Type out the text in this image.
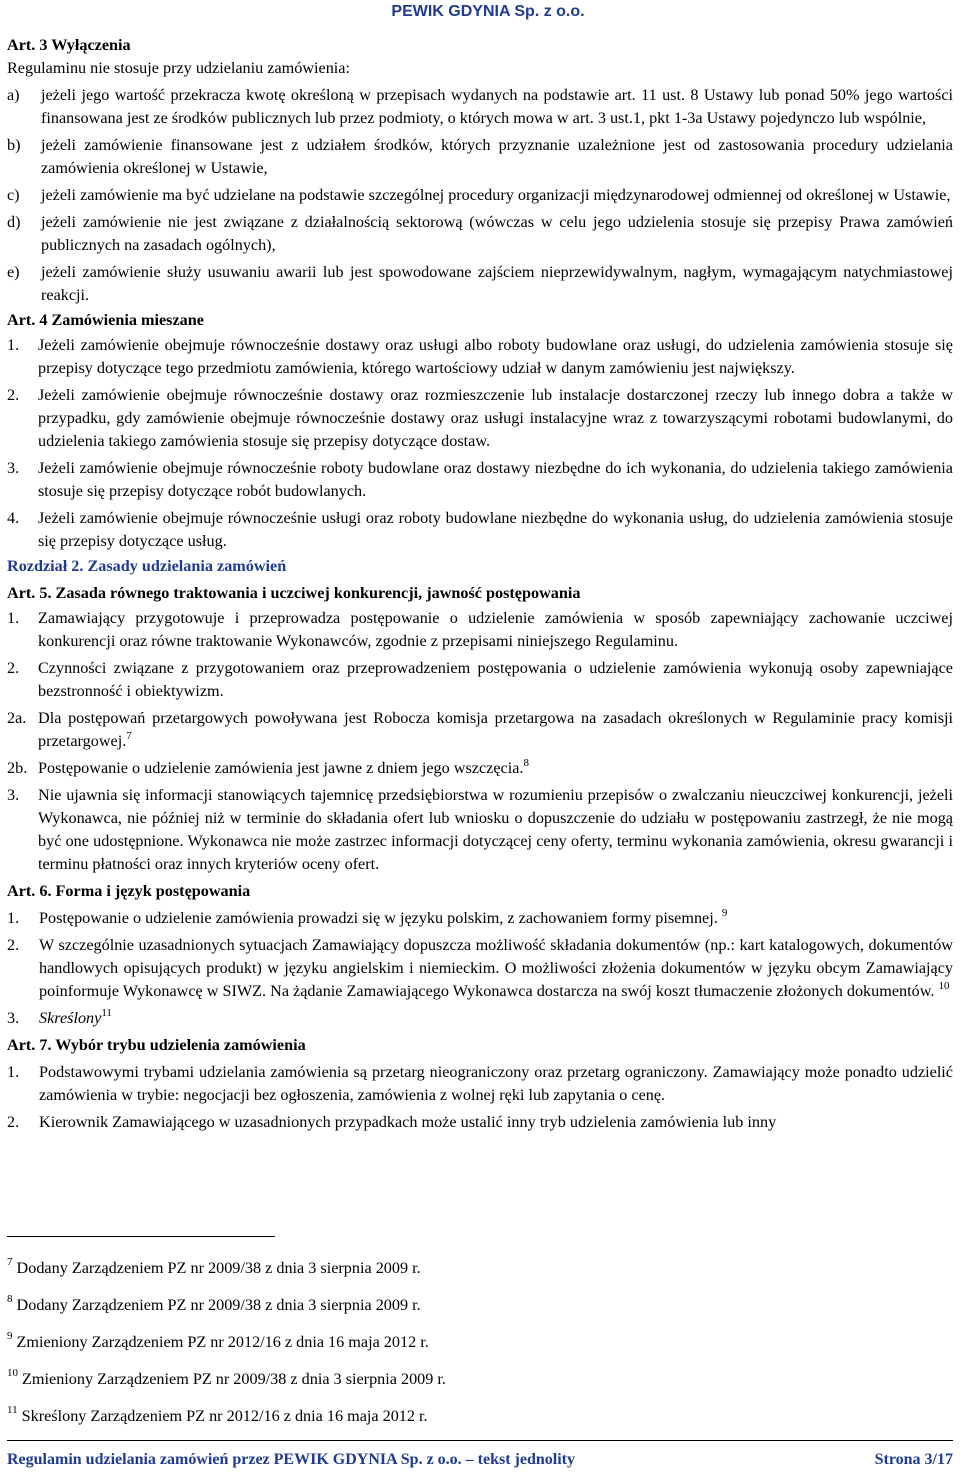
PEWIK GDYNIA Sp. z o.o.

Art. 3 Wyłączenia

Regulaminu nie stosuje przy udzielaniu zamówienia:

a)	jeżeli jego wartość przekracza kwotę określoną w przepisach wydanych na podstawie art. 11 ust. 8 Ustawy lub ponad 50% jego wartości finansowana jest ze środków publicznych lub przez podmioty, o których mowa w art. 3 ust.1, pkt 1-3a Ustawy pojedynczo lub wspólnie,
b)	jeżeli zamówienie finansowane jest z udziałem środków, których przyznanie uzależnione jest od zastosowania procedury udzielania zamówienia określonej w Ustawie,
c)	jeżeli zamówienie ma być udzielane na podstawie szczególnej procedury organizacji międzynarodowej odmiennej od określonej w Ustawie,
d)	jeżeli zamówienie nie jest związane z działalnością sektorową (wówczas w celu jego udzielenia stosuje się przepisy Prawa zamówień publicznych na zasadach ogólnych),
e)	jeżeli zamówienie służy usuwaniu awarii lub jest spowodowane zajściem nieprzewidywalnym, nagłym, wymagającym natychmiastowej reakcji.

Art. 4 Zamówienia mieszane

1.	Jeżeli zamówienie obejmuje równocześnie dostawy oraz usługi albo roboty budowlane oraz usługi, do udzielenia zamówienia stosuje się przepisy dotyczące tego przedmiotu zamówienia, którego wartościowy udział w danym zamówieniu jest największy.
2.	Jeżeli zamówienie obejmuje równocześnie dostawy oraz rozmieszczenie lub instalacje dostarczonej rzeczy lub innego dobra a także w przypadku, gdy zamówienie obejmuje równocześnie dostawy oraz usługi instalacyjne wraz z towarzyszącymi robotami budowlanymi, do udzielenia takiego zamówienia stosuje się przepisy dotyczące dostaw.
3.	Jeżeli zamówienie obejmuje równocześnie roboty budowlane oraz dostawy niezbędne do ich wykonania, do udzielenia takiego zamówienia stosuje się przepisy dotyczące robót budowlanych.
4.	Jeżeli zamówienie obejmuje równocześnie usługi oraz roboty budowlane niezbędne do wykonania usług, do udzielenia zamówienia stosuje się przepisy dotyczące usług.

Rozdział 2. Zasady udzielania zamówień

Art. 5. Zasada równego traktowania i uczciwej konkurencji, jawność postępowania

1.	Zamawiający przygotowuje i przeprowadza postępowanie o udzielenie zamówienia w sposób zapewniający zachowanie uczciwej konkurencji oraz równe traktowanie Wykonawców, zgodnie z przepisami niniejszego Regulaminu.
2.	Czynności związane z przygotowaniem oraz przeprowadzeniem postępowania o udzielenie zamówienia wykonują osoby zapewniające bezstronność i obiektywizm.
2a. Dla postępowań przetargowych powoływana jest Robocza komisja przetargowa na zasadach określonych w Regulaminie pracy komisji przetargowej.$^7$
2b. Postępowanie o udzielenie zamówienia jest jawne z dniem jego wszczęcia.$^8$
3.	Nie ujawnia się informacji stanowiących tajemnicę przedsiębiorstwa w rozumieniu przepisów o zwalczaniu nieuczciwej konkurencji, jeżeli Wykonawca, nie później niż w terminie do składania ofert lub wniosku o dopuszczenie do udziału w postępowaniu zastrzegł, że nie mogą być one udostępnione. Wykonawca nie może zastrzec informacji dotyczącej ceny oferty, terminu wykonania zamówienia, okresu gwarancji i terminu płatności oraz innych kryteriów oceny ofert.

Art. 6. Forma i język postępowania

1.	Postępowanie o udzielenie zamówienia prowadzi się w języku polskim, z zachowaniem formy pisemnej. $^9$
2.	W szczególnie uzasadnionych sytuacjach Zamawiający dopuszcza możliwość składania dokumentów (np.: kart katalogowych, dokumentów handlowych opisujących produkt) w języku angielskim i niemieckim. O możliwości złożenia dokumentów w języku obcym Zamawiający poinformuje Wykonawcę w SIWZ. Na żądanie Zamawiającego Wykonawca dostarcza na swój koszt tłumaczenie złożonych dokumentów. $^{10}$
3.	Skreślony$^{11}$

Art. 7. Wybór trybu udzielenia zamówienia

1.	Podstawowymi trybami udzielania zamówienia są przetarg nieograniczony oraz przetarg ograniczony. Zamawiający może ponadto udzielić zamówienia w trybie: negocjacji bez ogłoszenia, zamówienia z wolnej ręki lub zapytania o cenę.
2.	Kierownik Zamawiającego w uzasadnionych przypadkach może ustalić inny tryb udzielenia zamówienia lub inny

$^7$ Dodany Zarządzeniem PZ nr 2009/38 z dnia 3 sierpnia 2009 r.

$^8$ Dodany Zarządzeniem PZ nr 2009/38 z dnia 3 sierpnia 2009 r.

$^9$ Zmieniony Zarządzeniem PZ nr 2012/16 z dnia 16 maja 2012 r.

$^{10}$ Zmieniony Zarządzeniem PZ nr 2009/38 z dnia 3 sierpnia 2009 r.

$^{11}$ Skreślony Zarządzeniem PZ nr 2012/16 z dnia 16 maja 2012 r.

Regulamin udzielania zamówień przez PEWIK GDYNIA Sp. z o.o. – tekst jednolity	Strona 3/17
